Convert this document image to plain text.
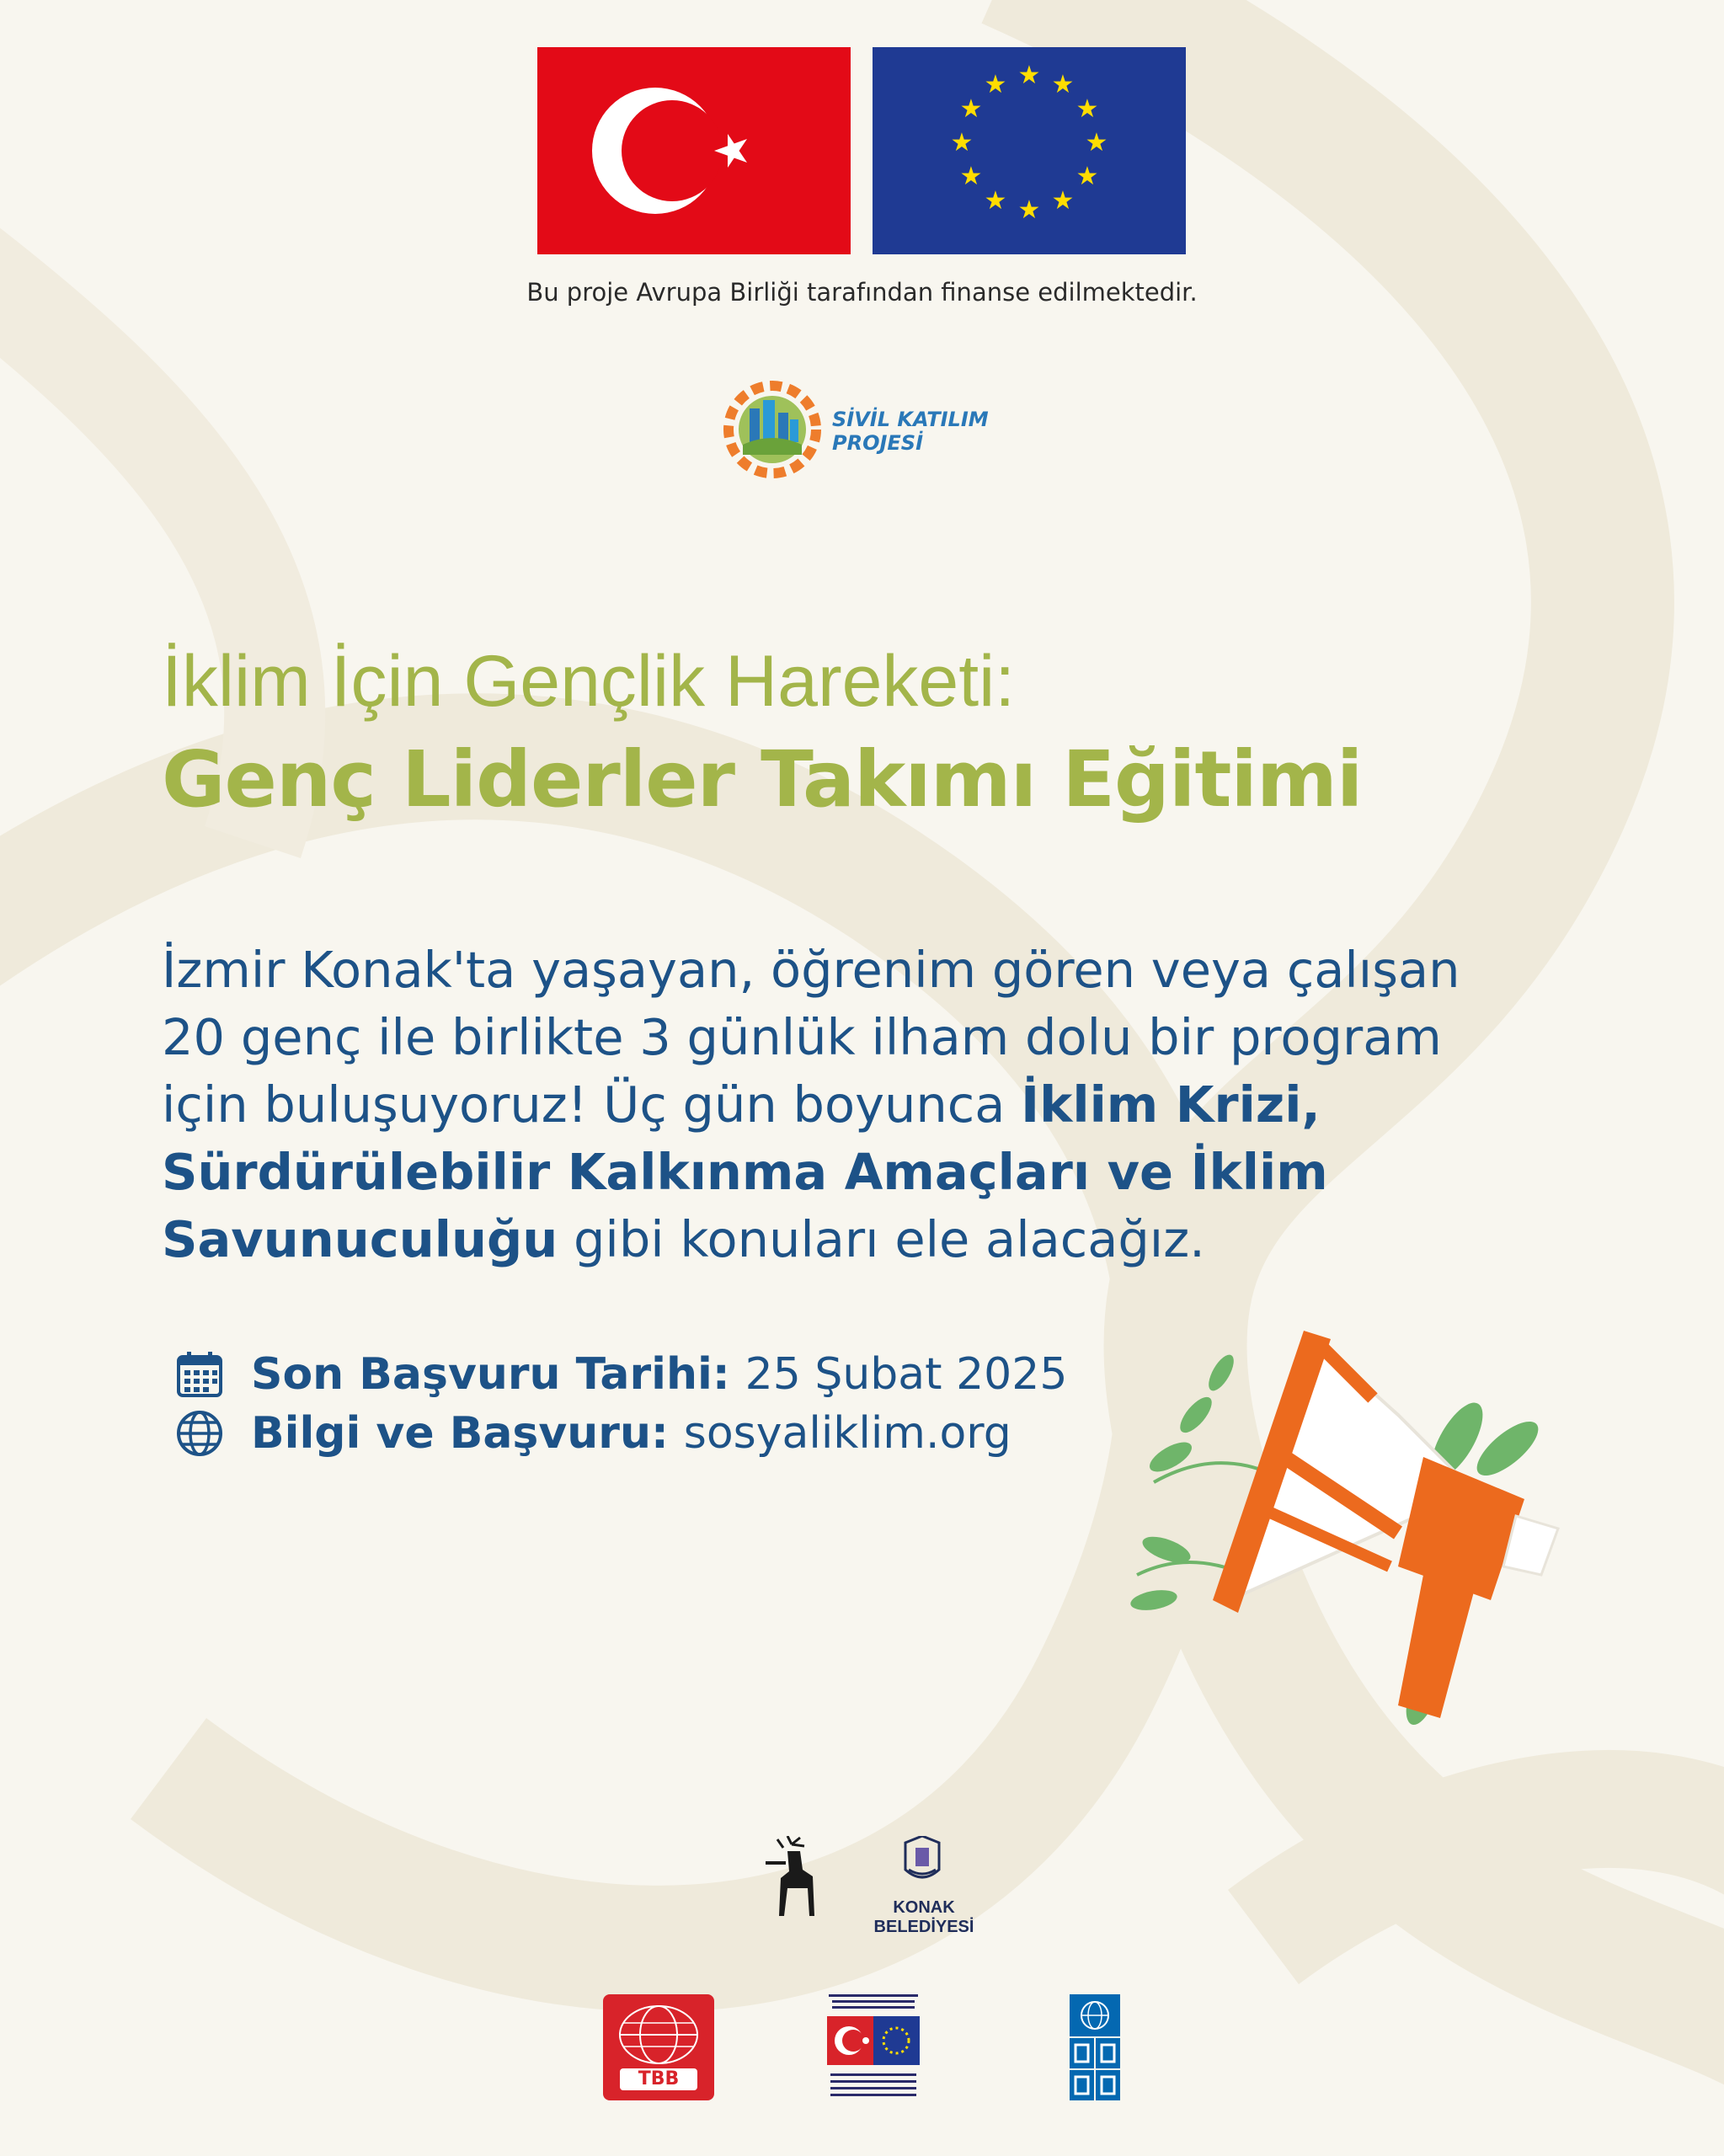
★ ★
★
★
★
★
★
★
★
★
★
★
Bu proje Avrupa Birliği tarafından finanse edilmektedir.
SİVİL KATILIM
PROJESİ
İklim İçin Gençlik Hareketi:
Genç Liderler Takımı Eğitimi
İzmir Konak'ta yaşayan, öğrenim gören veya çalışan 20 genç ile birlikte 3 günlük ilham dolu bir program için buluşuyoruz! Üç gün boyunca İklim Krizi, Sürdürülebilir Kalkınma Amaçları ve İklim Savunuculuğu gibi konuları ele alacağız.
Son Başvuru Tarihi: 25 Şubat 2025
Bilgi ve Başvuru: sosyaliklim.org
KONAK BELEDİYESİ
TBB
